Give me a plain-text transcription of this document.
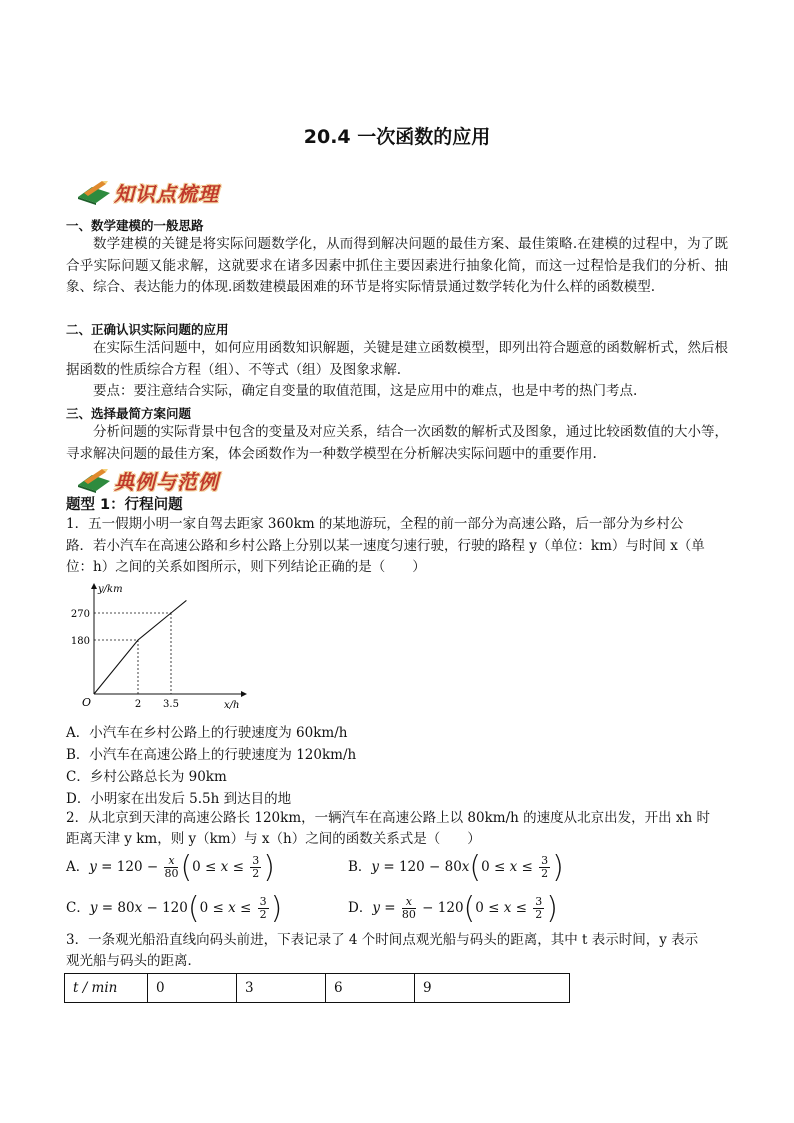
20.4 一次函数的应用
知识点梳理
一、数学建模的一般思路
数学建模的关键是将实际问题数学化，从而得到解决问题的最佳方案、最佳策略.在建模的过程中，为了既合乎实际问题又能求解，这就要求在诸多因素中抓住主要因素进行抽象化简，而这一过程恰是我们的分析、抽象、综合、表达能力的体现.函数建模最困难的环节是将实际情景通过数学转化为什么样的函数模型.
二、正确认识实际问题的应用
在实际生活问题中，如何应用函数知识解题，关键是建立函数模型，即列出符合题意的函数解析式，然后根据函数的性质综合方程（组）、不等式（组）及图象求解.
要点：要注意结合实际，确定自变量的取值范围，这是应用中的难点，也是中考的热门考点.
三、选择最简方案问题
分析问题的实际背景中包含的变量及对应关系，结合一次函数的解析式及图象，通过比较函数值的大小等，寻求解决问题的最佳方案，体会函数作为一种数学模型在分析解决实际问题中的重要作用.
典例与范例
题型 1：行程问题
1．五一假期小明一家自驾去距家 360km 的某地游玩，全程的前一部分为高速公路，后一部分为乡村公
路．若小汽车在高速公路和乡村公路上分别以某一速度匀速行驶，行驶的路程 y（单位：km）与时间 x（单
位：h）之间的关系如图所示，则下列结论正确的是（　　）
y/km
x/h
O
180
2
270
3.5
A．小汽车在乡村公路上的行驶速度为 60km/h
B．小汽车在高速公路上的行驶速度为 120km/h
C．乡村公路总长为 90km
D．小明家在出发后 5.5h 到达目的地
2．从北京到天津的高速公路长 120km，一辆汽车在高速公路上以 80km/h 的速度从北京出发，开出 xh 时
距离天津 y km，则 y（km）与 x（h）之间的函数关系式是（　　）
A．$y = 120 - \frac{x}{80} (0 \le x \le \frac{3}{2}$ )	B．$y = 120 - 80x(0 \le x \le \frac{3}{2}$ )
C．$y = 80x - 120(0 \le x \le \frac{3}{2}$ )	D．$y = \frac{x}{80} - 120(0 \le x \le \frac{3}{2}$ )
3．一条观光船沿直线向码头前进，下表记录了 4 个时间点观光船与码头的距离，其中 t 表示时间，y 表示
观光船与码头的距离．
t / min	0	3	6	9
